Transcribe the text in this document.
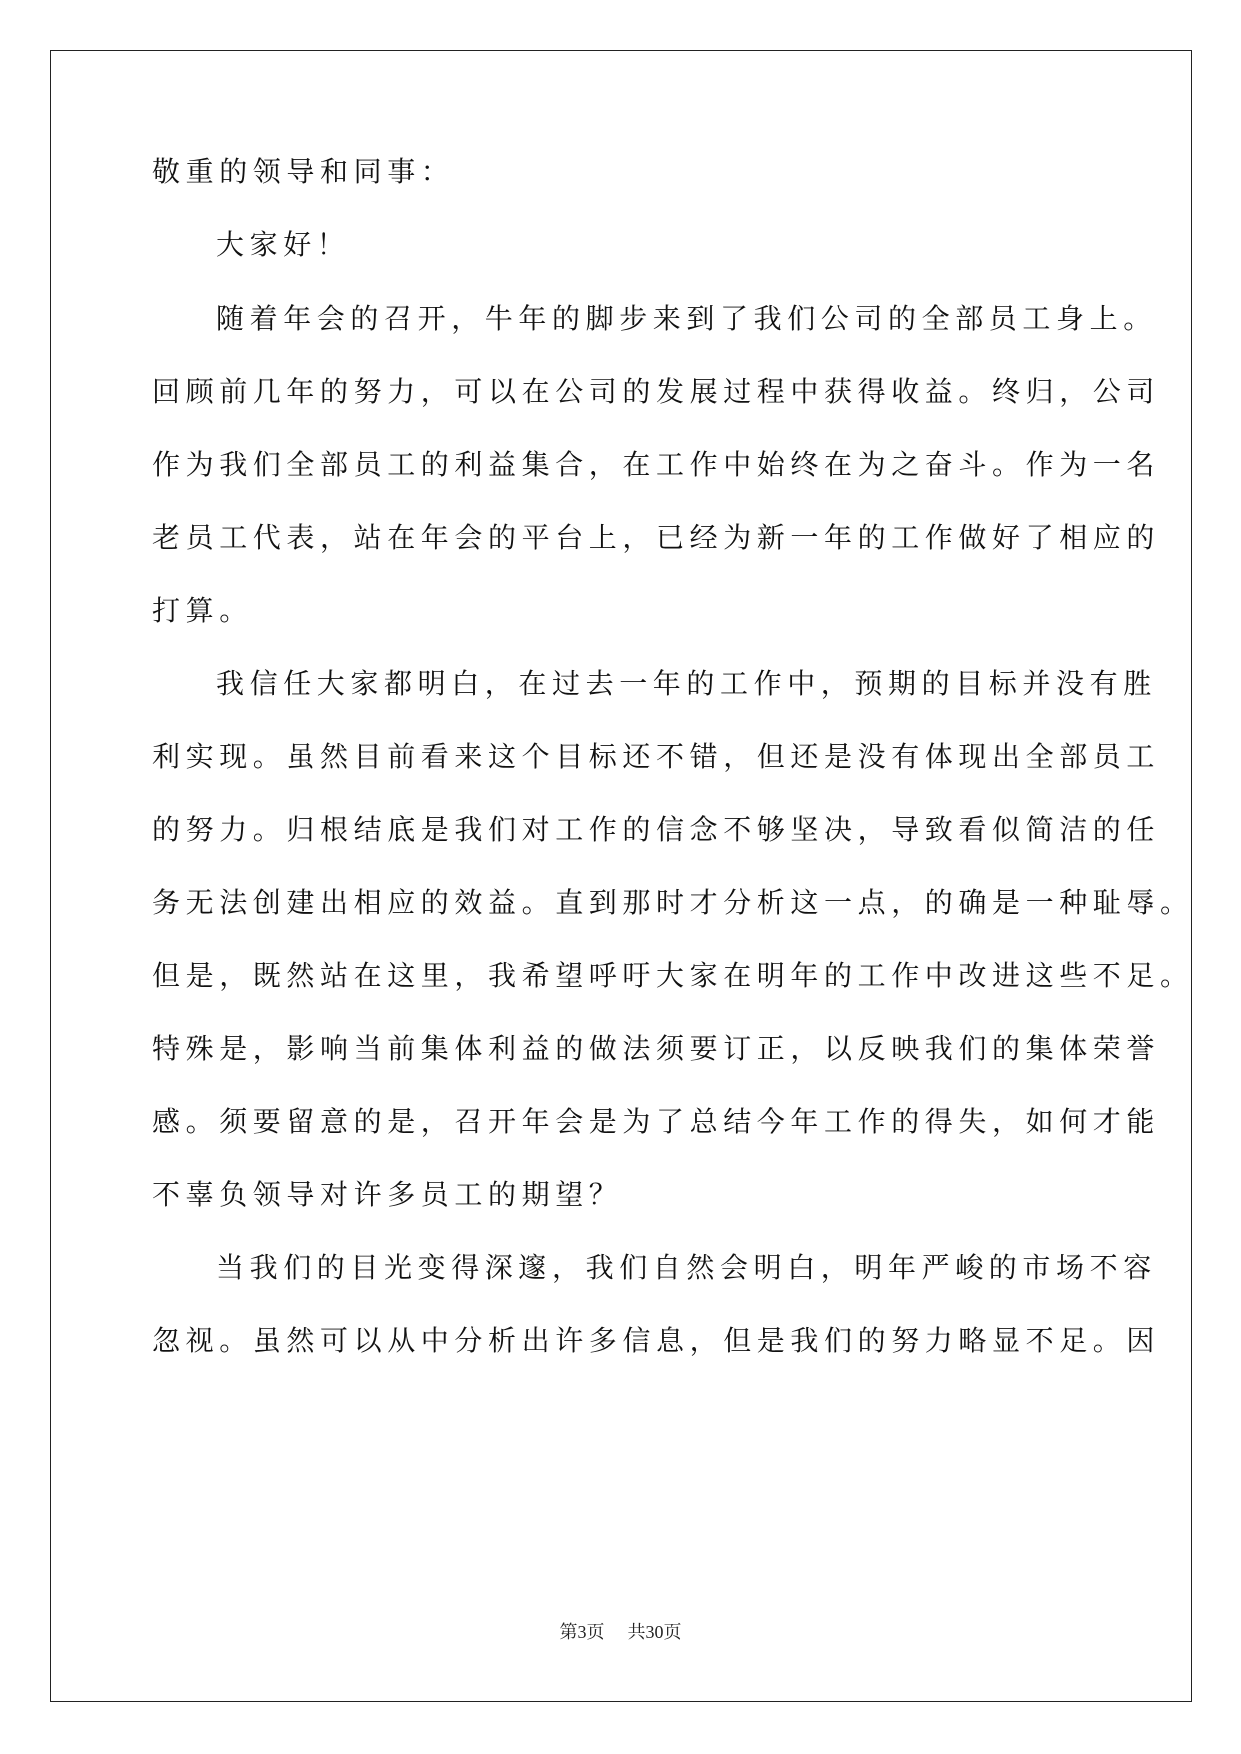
敬重的领导和同事：
大家好！
随着年会的召开，牛年的脚步来到了我们公司的全部员工身上。
回顾前几年的努力，可以在公司的发展过程中获得收益。终归，公司
作为我们全部员工的利益集合，在工作中始终在为之奋斗。作为一名
老员工代表，站在年会的平台上，已经为新一年的工作做好了相应的
打算。
我信任大家都明白，在过去一年的工作中，预期的目标并没有胜
利实现。虽然目前看来这个目标还不错，但还是没有体现出全部员工
的努力。归根结底是我们对工作的信念不够坚决，导致看似简洁的任
务无法创建出相应的效益。直到那时才分析这一点，的确是一种耻辱。
但是，既然站在这里，我希望呼吁大家在明年的工作中改进这些不足。
特殊是，影响当前集体利益的做法须要订正，以反映我们的集体荣誉
感。须要留意的是，召开年会是为了总结今年工作的得失，如何才能
不辜负领导对许多员工的期望？
当我们的目光变得深邃，我们自然会明白，明年严峻的市场不容
忽视。虽然可以从中分析出许多信息，但是我们的努力略显不足。因
第3页 共30页
